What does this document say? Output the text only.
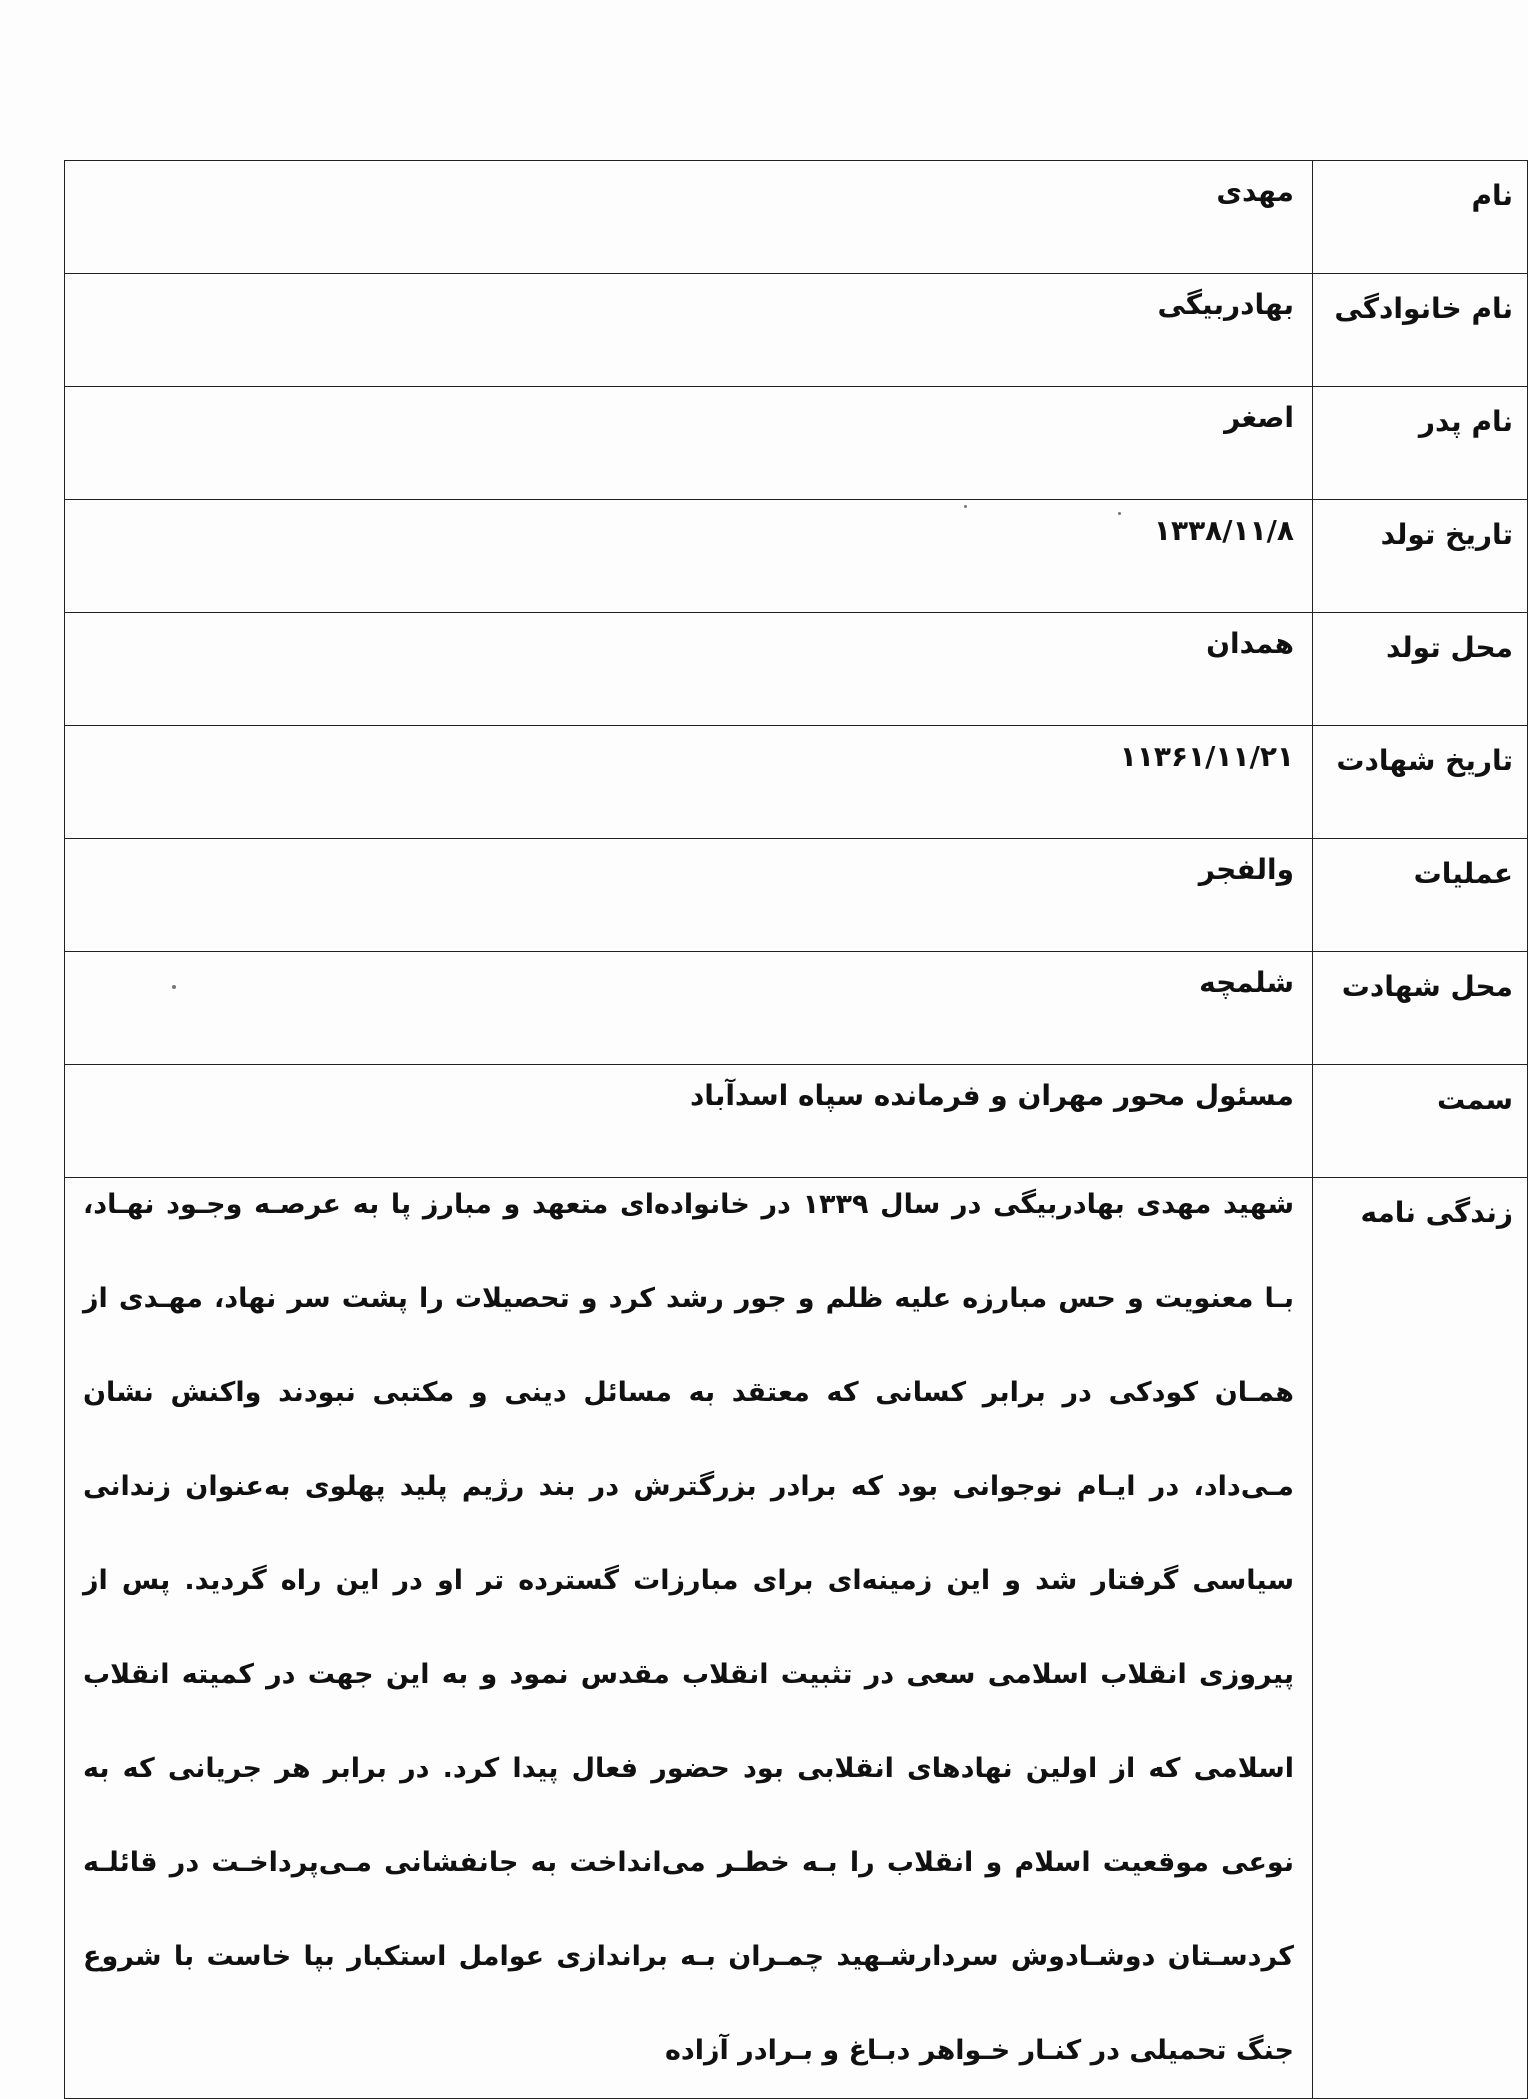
نام	مهدی
نام خانوادگی	بهادربیگی
نام پدر	اصغر
تاریخ تولد	۱۳۳۸/۱۱/۸
محل تولد	همدان
تاریخ شهادت	۱۱۳۶۱/۱۱/۲۱
عملیات	والفجر
محل شهادت	شلمچه
سمت	مسئول محور مهران و فرمانده سپاه اسدآباد
زندگی نامه	شهید مهدی بهادربیگی در سال ۱۳۳۹ در خانواده‌ای متعهد و مبارز پا به عرصـه وجـود نهـاد، بـا معنویت و حس مبارزه علیه ظلم و جور رشد کرد و تحصیلات را پشت سر نهاد، مهـدی از همـان کودکی در برابر کسانی که معتقد به مسائل دینی و مکتبی نبودند واکنش نشان مـی‌داد، در ایـام نوجوانی بود که برادر بزرگترش در بند رژیم پلید پهلوی به‌عنوان زندانی سیاسی گرفتار شد و این زمینه‌ای برای مبارزات گسترده تر او در این راه گردید. پس از پیروزی انقلاب اسلامی سعی در تثبیت انقلاب مقدس نمود و به این جهت در کمیته انقلاب اسلامی که از اولین نهادهای انقلابی بود حضور فعال پیدا کرد. در برابر هر جریانی که به نوعی موقعیت اسلام و انقلاب را بـه خطـر می‌انداخت به جانفشانی مـی‌پرداخـت در قائلـه کردسـتان دوشـادوش سردارشـهید چمـران بـه براندازی عوامل استکبار بپا خاست با شروع جنگ تحمیلی در کنـار خـواهر دبـاغ و بـرادر آزاده
